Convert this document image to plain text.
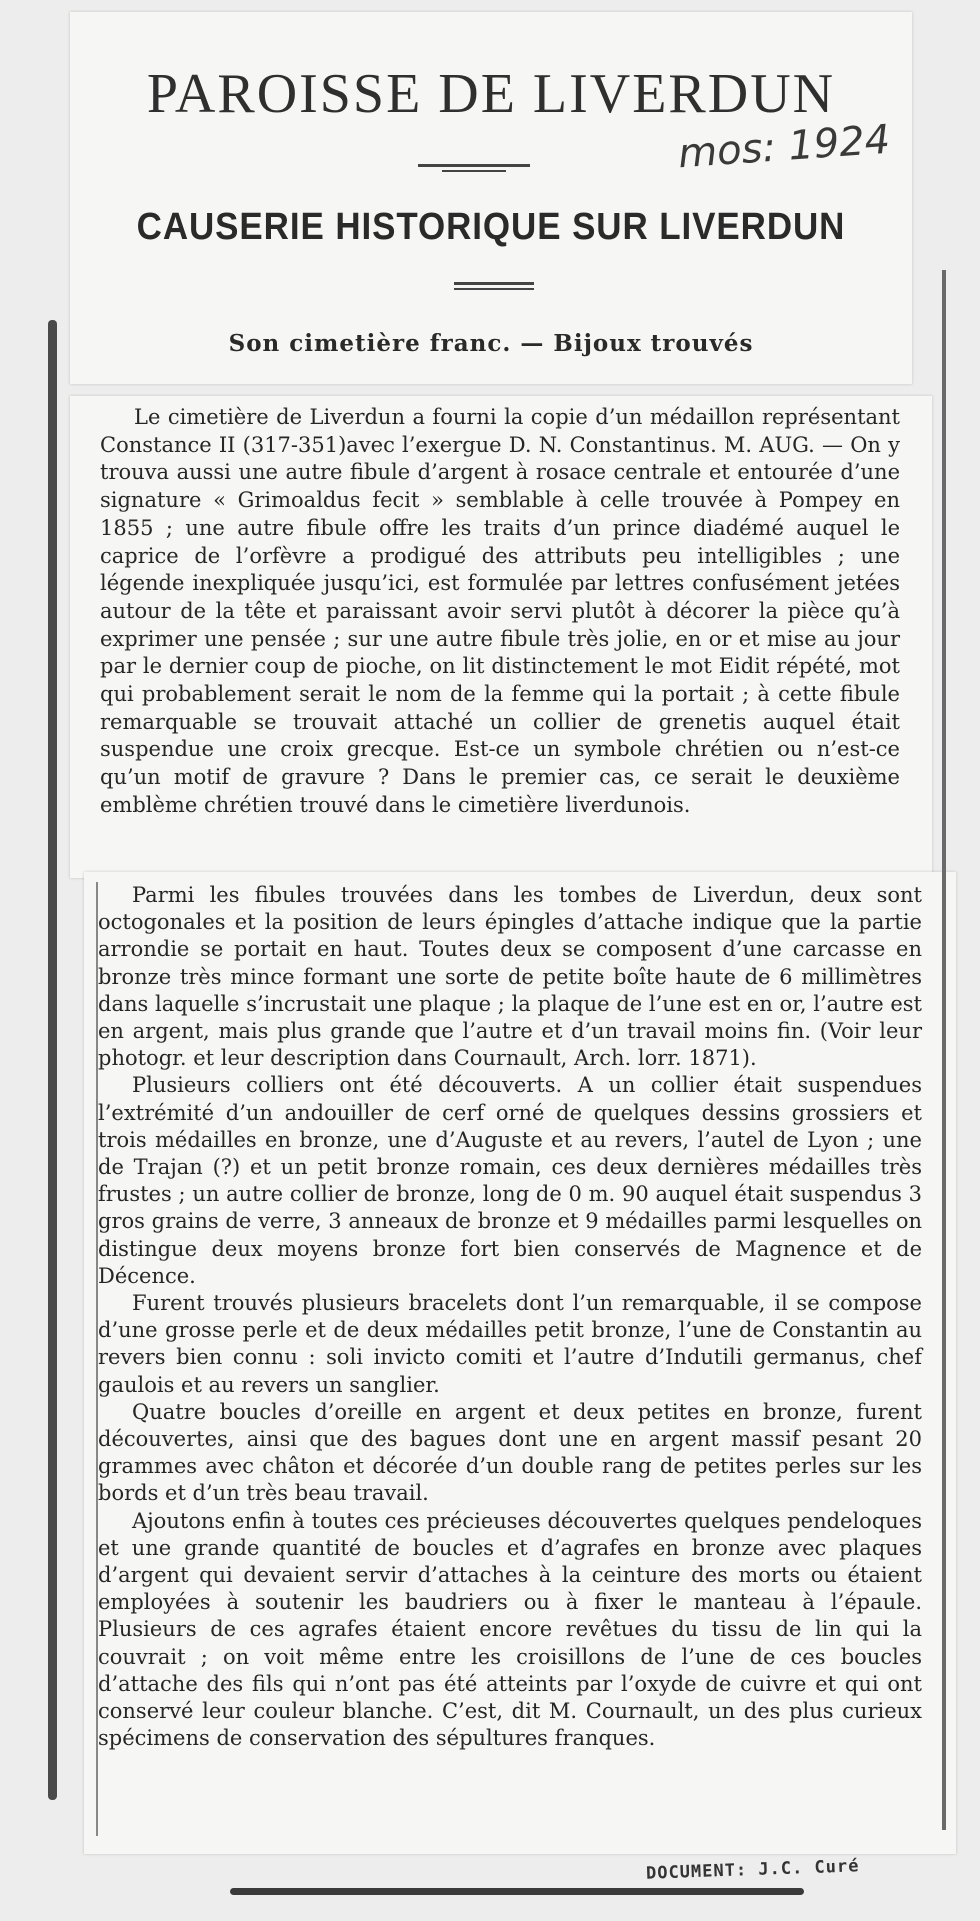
PAROISSE DE LIVERDUN
mos: 1924
CAUSERIE HISTORIQUE SUR LIVERDUN
Son cimetière franc. — Bijoux trouvés

Le cimetière de Liverdun a fourni la copie d’un médaillon représentant Constance II (317-351)avec l’exergue D. N. Constantinus. M. AUG. — On y trouva aussi une autre fibule d’argent à rosace centrale et entourée d’une signature « Grimoaldus fecit » semblable à celle trouvée à Pompey en 1855 ; une autre fibule offre les traits d’un prince diadémé auquel le caprice de l’orfèvre a prodigué des attributs peu intelligibles ; une légende inexpliquée jusqu’ici, est formulée par lettres confusément jetées autour de la tête et paraissant avoir servi plutôt à décorer la pièce qu’à exprimer une pensée ; sur une autre fibule très jolie, en or et mise au jour par le dernier coup de pioche, on lit distinctement le mot Eidit répété, mot qui probablement serait le nom de la femme qui la portait ; à cette fibule remarquable se trouvait attaché un collier de grenetis auquel était suspendue une croix grecque. Est-ce un symbole chrétien ou n’est-ce qu’un motif de gravure ? Dans le premier cas, ce serait le deuxième emblème chrétien trouvé dans le cimetière liverdunois.

Parmi les fibules trouvées dans les tombes de Liverdun, deux sont octogonales et la position de leurs épingles d’attache indique que la partie arrondie se portait en haut. Toutes deux se composent d’une carcasse en bronze très mince formant une sorte de petite boîte haute de 6 millimètres dans laquelle s’incrustait une plaque ; la plaque de l’une est en or, l’autre est en argent, mais plus grande que l’autre et d’un travail moins fin. (Voir leur photogr. et leur description dans Cournault, Arch. lorr. 1871).

Plusieurs colliers ont été découverts. A un collier était suspendues l’extrémité d’un andouiller de cerf orné de quelques dessins grossiers et trois médailles en bronze, une d’Auguste et au revers, l’autel de Lyon ; une de Trajan (?) et un petit bronze romain, ces deux dernières médailles très frustes ; un autre collier de bronze, long de 0 m. 90 auquel était suspendus 3 gros grains de verre, 3 anneaux de bronze et 9 médailles parmi lesquelles on distingue deux moyens bronze fort bien conservés de Magnence et de Décence.

Furent trouvés plusieurs bracelets dont l’un remarquable, il se compose d’une grosse perle et de deux médailles petit bronze, l’une de Constantin au revers bien connu : soli invicto comiti et l’autre d’Indutili germanus, chef gaulois et au revers un sanglier.

Quatre boucles d’oreille en argent et deux petites en bronze, furent découvertes, ainsi que des bagues dont une en argent massif pesant 20 grammes avec châton et décorée d’un double rang de petites perles sur les bords et d’un très beau travail.

Ajoutons enfin à toutes ces précieuses découvertes quelques pendeloques et une grande quantité de boucles et d’agrafes en bronze avec plaques d’argent qui devaient servir d’attaches à la ceinture des morts ou étaient employées à soutenir les baudriers ou à fixer le manteau à l’épaule. Plusieurs de ces agrafes étaient encore revêtues du tissu de lin qui la couvrait ; on voit même entre les croisillons de l’une de ces boucles d’attache des fils qui n’ont pas été atteints par l’oxyde de cuivre et qui ont conservé leur couleur blanche. C’est, dit M. Cournault, un des plus curieux spécimens de conservation des sépultures franques.

DOCUMENT: J.C. Curé
